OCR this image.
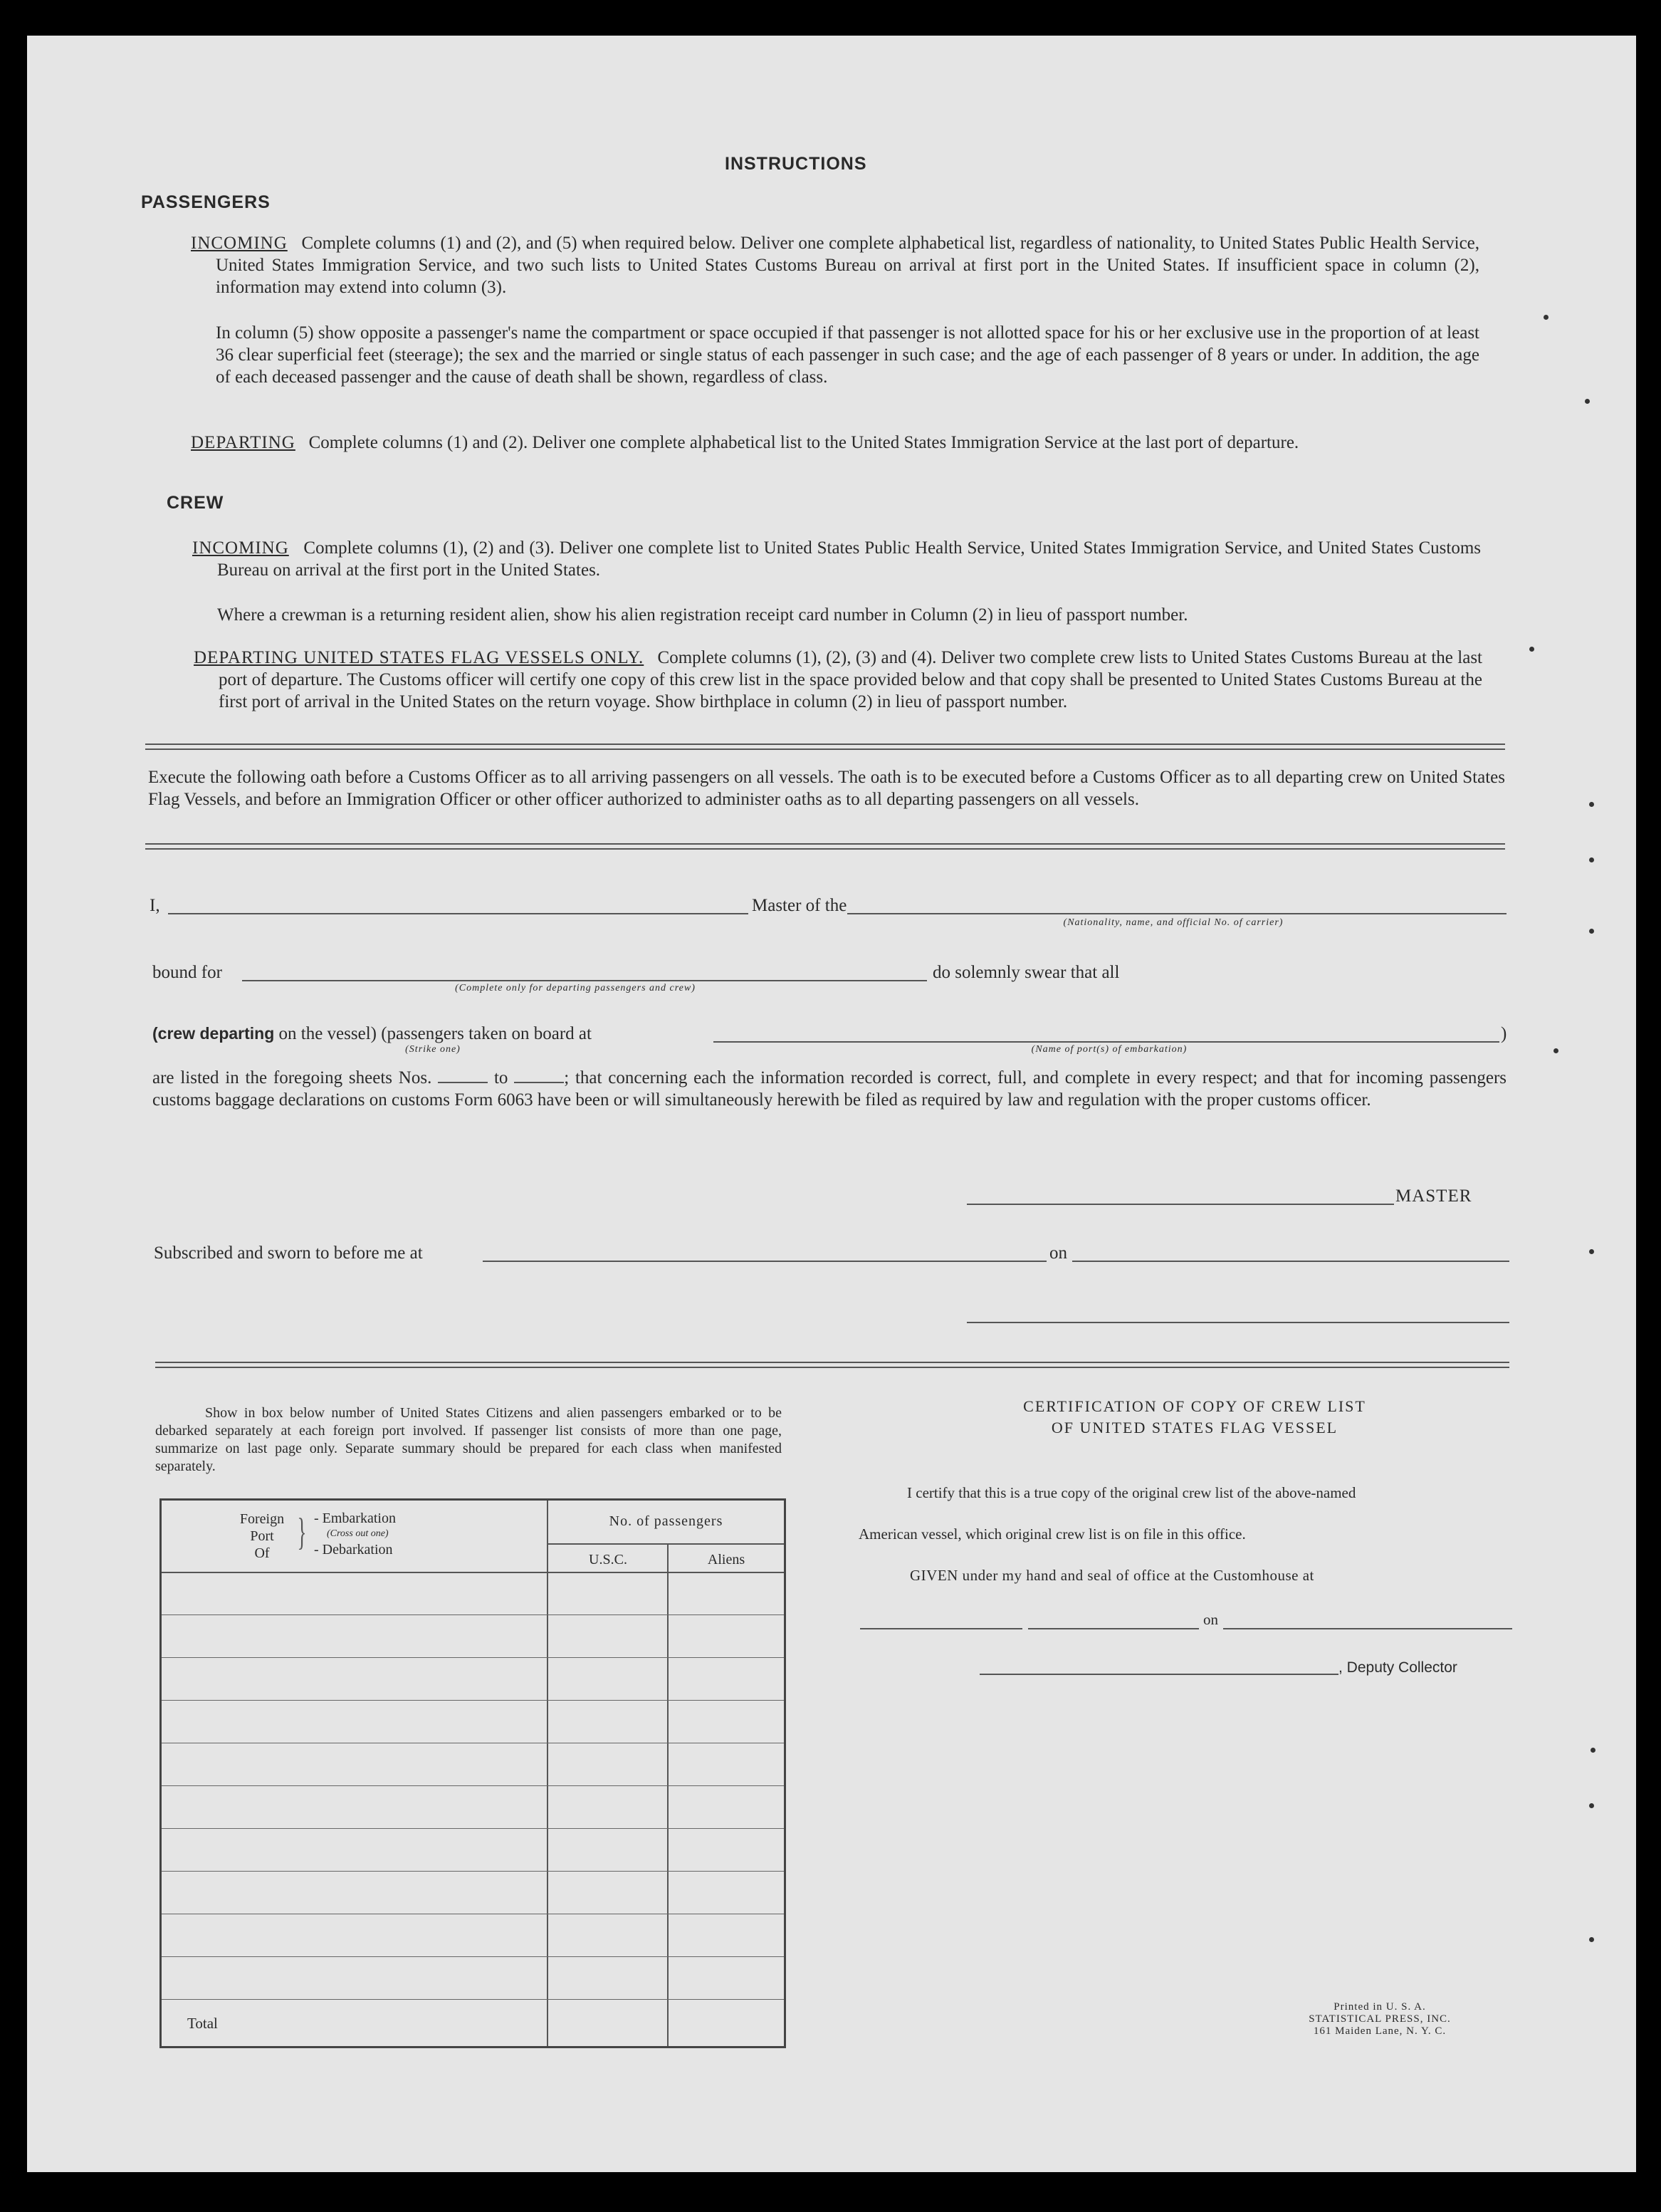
INSTRUCTIONS
PASSENGERS
INCOMING Complete columns (1) and (2), and (5) when required below. Deliver one complete alphabetical list, regardless of nationality, to United States Public Health Service, United States Immigration Service, and two such lists to United States Customs Bureau on arrival at first port in the United States. If insufficient space in column (2), information may extend into column (3).
In column (5) show opposite a passenger's name the compartment or space occupied if that passenger is not allotted space for his or her exclusive use in the proportion of at least 36 clear superficial feet (steerage); the sex and the married or single status of each passenger in such case; and the age of each passenger of 8 years or under. In addition, the age of each deceased passenger and the cause of death shall be shown, regardless of class.
DEPARTING Complete columns (1) and (2). Deliver one complete alphabetical list to the United States Immigration Service at the last port of departure.
CREW
INCOMING Complete columns (1), (2) and (3). Deliver one complete list to United States Public Health Service, United States Immigration Service, and United States Customs Bureau on arrival at the first port in the United States.
Where a crewman is a returning resident alien, show his alien registration receipt card number in Column (2) in lieu of passport number.
DEPARTING UNITED STATES FLAG VESSELS ONLY. Complete columns (1), (2), (3) and (4). Deliver two complete crew lists to United States Customs Bureau at the last port of departure. The Customs officer will certify one copy of this crew list in the space provided below and that copy shall be presented to United States Customs Bureau at the first port of arrival in the United States on the return voyage. Show birthplace in column (2) in lieu of passport number.
Execute the following oath before a Customs Officer as to all arriving passengers on all vessels. The oath is to be executed before a Customs Officer as to all departing crew on United States Flag Vessels, and before an Immigration Officer or other officer authorized to administer oaths as to all departing passengers on all vessels.
I,	Master of the
(Nationality, name, and official No. of carrier)
bound for
(Complete only for departing passengers and crew)
do solemnly swear that all
(crew departing on the vessel) (passengers taken on board at	)
(Strike one)	(Name of port(s) of embarkation)
are listed in the foregoing sheets Nos.	to	; that concerning each the information recorded is correct, full, and complete in every respect; and that for incoming passengers customs baggage declarations on customs Form 6063 have been or will simultaneously herewith be filed as required by law and regulation with the proper customs officer.
MASTER
Subscribed and sworn to before me at	on
Show in box below number of United States Citizens and alien passengers embarked or to be debarked separately at each foreign port involved. If passenger list consists of more than one page, summarize on last page only. Separate summary should be prepared for each class when manifested separately.
Foreign
Port
Of } - Embarkation
(Cross out one)
- Debarkation
No. of passengers
U.S.C.	Aliens
Total
CERTIFICATION OF COPY OF CREW LIST
OF UNITED STATES FLAG VESSEL
I certify that this is a true copy of the original crew list of the above-named
American vessel, which original crew list is on file in this office.
GIVEN under my hand and seal of office at the Customhouse at
on
, Deputy Collector
Printed in U. S. A.
STATISTICAL PRESS, INC.
161 Maiden Lane, N. Y. C.
